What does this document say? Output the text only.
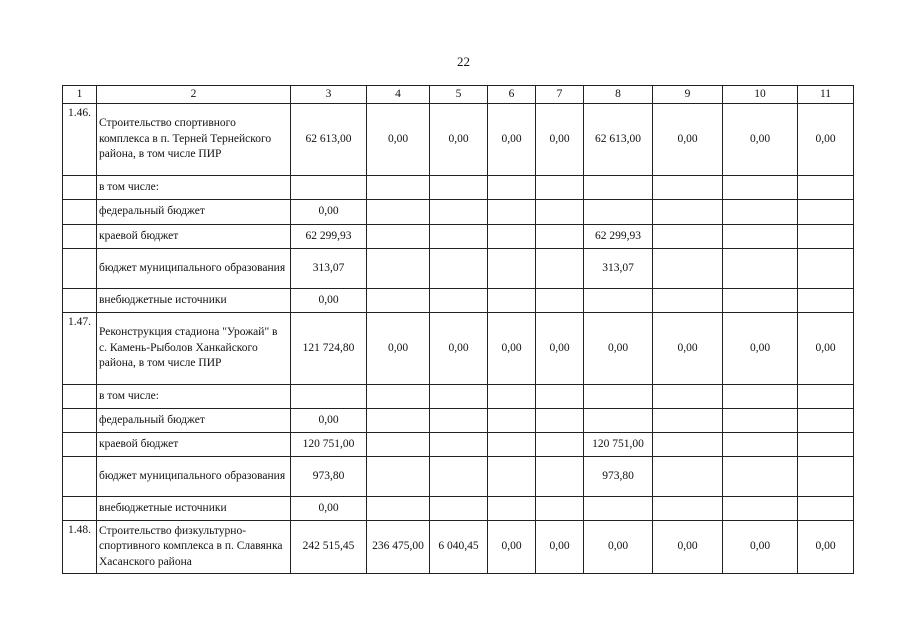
22
1	2	3	4	5	6	7	8	9	10	11
1.46.	Строительство спортивного комплекса в п. Терней Тернейского района, в том числе ПИР	62 613,00	0,00	0,00	0,00	0,00	62 613,00	0,00	0,00	0,00
	в том числе:									
	федеральный бюджет	0,00								
	краевой бюджет	62 299,93					62 299,93			
	бюджет муниципального образования	313,07					313,07			
	внебюджетные источники	0,00								
1.47.	Реконструкция стадиона "Урожай" в с. Камень-Рыболов Ханкайского района, в том числе ПИР	121 724,80	0,00	0,00	0,00	0,00	0,00	0,00	0,00	0,00
	в том числе:									
	федеральный бюджет	0,00								
	краевой бюджет	120 751,00					120 751,00			
	бюджет муниципального образования	973,80					973,80			
	внебюджетные источники	0,00								
1.48.	Строительство физкультурно-спортивного комплекса в п. Славянка Хасанского района	242 515,45	236 475,00	6 040,45	0,00	0,00	0,00	0,00	0,00	0,00
